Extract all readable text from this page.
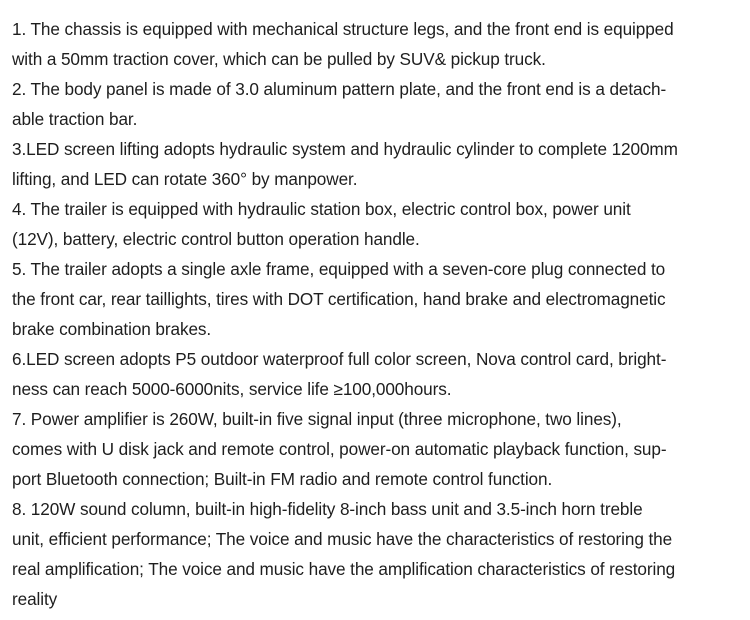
1. The chassis is equipped with mechanical structure legs, and the front end is equipped
with a 50mm traction cover, which can be pulled by SUV& pickup truck.
2. The body panel is made of 3.0 aluminum pattern plate, and the front end is a detach-
able traction bar.
3.LED screen lifting adopts hydraulic system and hydraulic cylinder to complete 1200mm
lifting, and LED can rotate 360° by manpower.
4. The trailer is equipped with hydraulic station box, electric control box, power unit
(12V), battery, electric control button operation handle.
5. The trailer adopts a single axle frame, equipped with a seven-core plug connected to
the front car, rear taillights, tires with DOT certification, hand brake and electromagnetic
brake combination brakes.
6.LED screen adopts P5 outdoor waterproof full color screen, Nova control card, bright-
ness can reach 5000-6000nits, service life ≥100,000hours.
7. Power amplifier is 260W, built-in five signal input (three microphone, two lines),
comes with U disk jack and remote control, power-on automatic playback function, sup-
port Bluetooth connection; Built-in FM radio and remote control function.
8. 120W sound column, built-in high-fidelity 8-inch bass unit and 3.5-inch horn treble
unit, efficient performance; The voice and music have the characteristics of restoring the
real amplification; The voice and music have the amplification characteristics of restoring
reality
